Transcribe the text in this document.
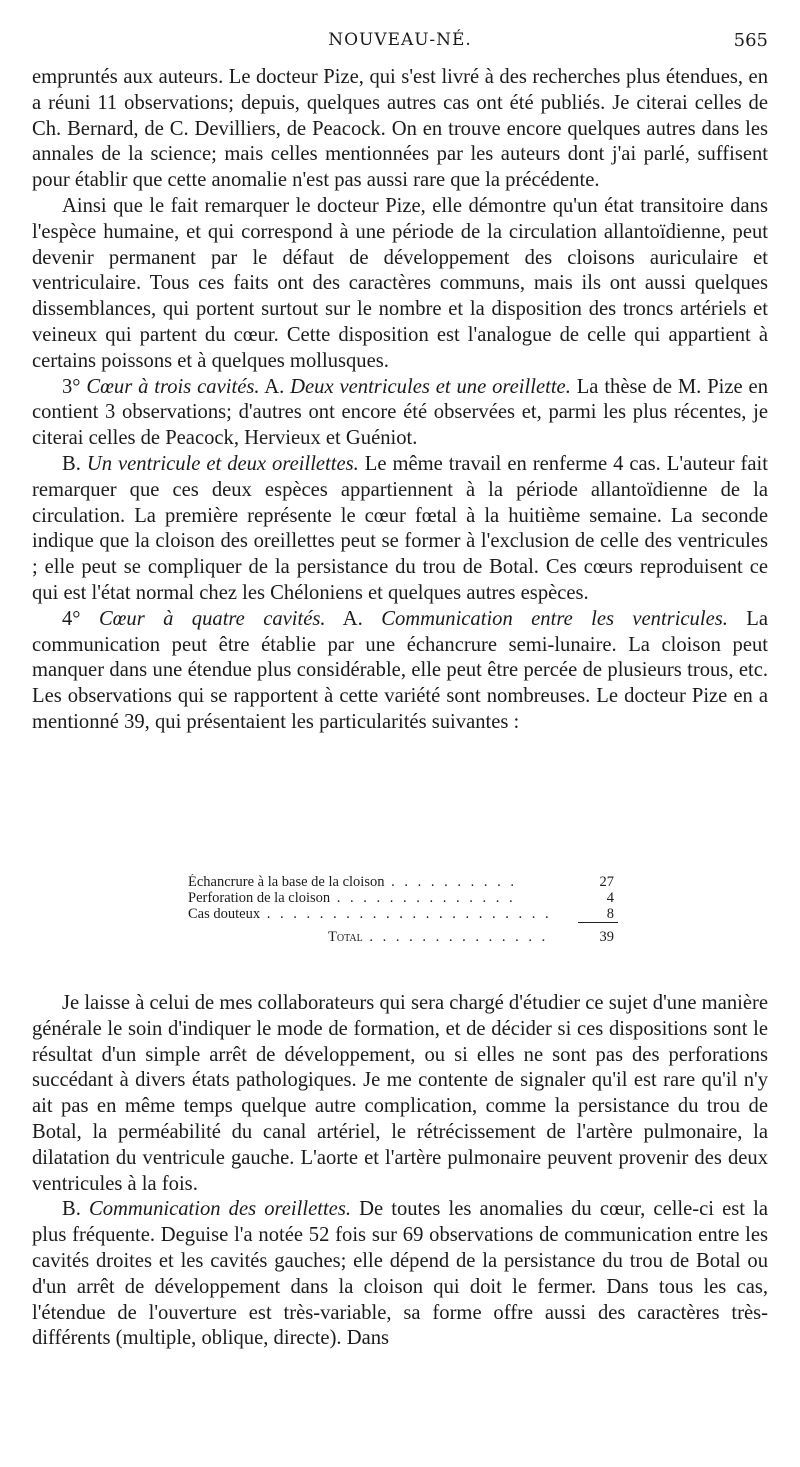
NOUVEAU-NÉ.	565

empruntés aux auteurs. Le docteur Pize, qui s'est livré à des recherches plus étendues, en a réuni 11 observations; depuis, quelques autres cas ont été publiés. Je citerai celles de Ch. Bernard, de C. Devilliers, de Peacock. On en trouve encore quelques autres dans les annales de la science; mais celles mentionnées par les auteurs dont j'ai parlé, suffisent pour établir que cette anomalie n'est pas aussi rare que la précédente.

Ainsi que le fait remarquer le docteur Pize, elle démontre qu'un état transitoire dans l'espèce humaine, et qui correspond à une période de la circulation allantoïdienne, peut devenir permanent par le défaut de développement des cloisons auriculaire et ventriculaire. Tous ces faits ont des caractères communs, mais ils ont aussi quelques dissemblances, qui portent surtout sur le nombre et la disposition des troncs artériels et veineux qui partent du cœur. Cette disposition est l'analogue de celle qui appartient à certains poissons et à quelques mollusques.

3° Cœur à trois cavités. A. Deux ventricules et une oreillette. La thèse de M. Pize en contient 3 observations; d'autres ont encore été observées et, parmi les plus récentes, je citerai celles de Peacock, Hervieux et Guéniot.

B. Un ventricule et deux oreillettes. Le même travail en renferme 4 cas. L'auteur fait remarquer que ces deux espèces appartiennent à la période allantoïdienne de la circulation. La première représente le cœur fœtal à la huitième semaine. La seconde indique que la cloison des oreillettes peut se former à l'exclusion de celle des ventricules ; elle peut se compliquer de la persistance du trou de Botal. Ces cœurs reproduisent ce qui est l'état normal chez les Chéloniens et quelques autres espèces.

4° Cœur à quatre cavités. A. Communication entre les ventricules. La communication peut être établie par une échancrure semi-lunaire. La cloison peut manquer dans une étendue plus considérable, elle peut être percée de plusieurs trous, etc. Les observations qui se rapportent à cette variété sont nombreuses. Le docteur Pize en a mentionné 39, qui présentaient les particularités suivantes :

Échancrure à la base de la cloison . . . . . . . . . .	27
Perforation de la cloison . . . . . . . . . . . . . .	4
Cas douteux . . . . . . . . . . . . . . . . . . . . . .	8
Total . . . . . . . . . . . . . .	39

Je laisse à celui de mes collaborateurs qui sera chargé d'étudier ce sujet d'une manière générale le soin d'indiquer le mode de formation, et de décider si ces dispositions sont le résultat d'un simple arrêt de développement, ou si elles ne sont pas des perforations succédant à divers états pathologiques. Je me contente de signaler qu'il est rare qu'il n'y ait pas en même temps quelque autre complication, comme la persistance du trou de Botal, la perméabilité du canal artériel, le rétrécissement de l'artère pulmonaire, la dilatation du ventricule gauche. L'aorte et l'artère pulmonaire peuvent provenir des deux ventricules à la fois.

B. Communication des oreillettes. De toutes les anomalies du cœur, celle-ci est la plus fréquente. Deguise l'a notée 52 fois sur 69 observations de communication entre les cavités droites et les cavités gauches; elle dépend de la persistance du trou de Botal ou d'un arrêt de développement dans la cloison qui doit le fermer. Dans tous les cas, l'étendue de l'ouverture est très-variable, sa forme offre aussi des caractères très-différents (multiple, oblique, directe). Dans
